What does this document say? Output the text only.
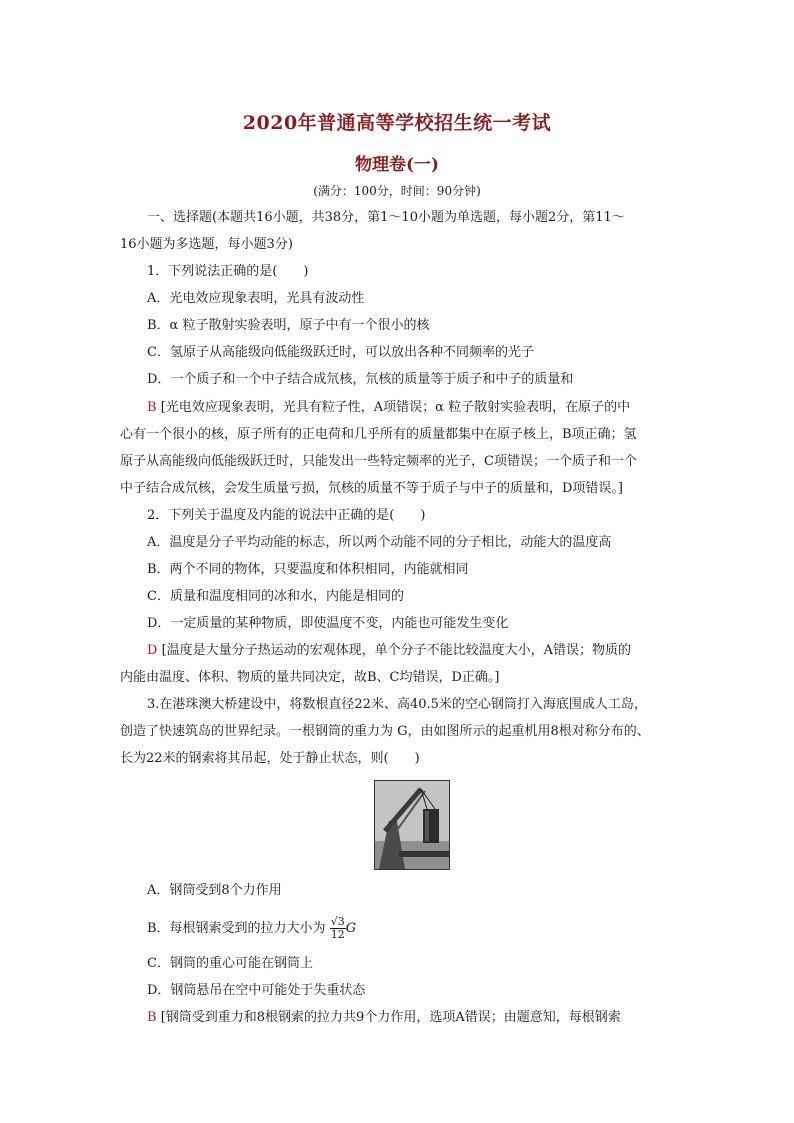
2020年普通高等学校招生统一考试
物理卷(一)
(满分：100分，时间：90分钟)
一、选择题(本题共16小题，共38分，第1～10小题为单选题，每小题2分，第11～
16小题为多选题，每小题3分)
1．下列说法正确的是(　　)
A．光电效应现象表明，光具有波动性
B．α 粒子散射实验表明，原子中有一个很小的核
C．氢原子从高能级向低能级跃迁时，可以放出各种不同频率的光子
D．一个质子和一个中子结合成氘核，氘核的质量等于质子和中子的质量和
B [光电效应现象表明，光具有粒子性，A项错误；α 粒子散射实验表明，在原子的中
心有一个很小的核，原子所有的正电荷和几乎所有的质量都集中在原子核上，B项正确；氢
原子从高能级向低能级跃迁时，只能发出一些特定频率的光子，C项错误；一个质子和一个
中子结合成氘核，会发生质量亏损，氘核的质量不等于质子与中子的质量和，D项错误。]
2．下列关于温度及内能的说法中正确的是(　　)
A．温度是分子平均动能的标志，所以两个动能不同的分子相比，动能大的温度高
B．两个不同的物体，只要温度和体积相同，内能就相同
C．质量和温度相同的冰和水，内能是相同的
D．一定质量的某种物质，即使温度不变，内能也可能发生变化
D [温度是大量分子热运动的宏观体现，单个分子不能比较温度大小，A错误；物质的
内能由温度、体积、物质的量共同决定，故B、C均错误，D正确。]
3.在港珠澳大桥建设中，将数根直径22米、高40.5米的空心钢筒打入海底围成人工岛，
创造了快速筑岛的世界纪录。一根钢筒的重力为 G，由如图所示的起重机用8根对称分布的、
长为22米的钢索将其吊起，处于静止状态，则(　　)
A．钢筒受到8个力作用
B．每根钢索受到的拉力大小为 $\frac{√3}{12}$ G
C．钢筒的重心可能在钢筒上
D．钢筒悬吊在空中可能处于失重状态
B [钢筒受到重力和8根钢索的拉力共9个力作用，选项A错误；由题意知，每根钢索
